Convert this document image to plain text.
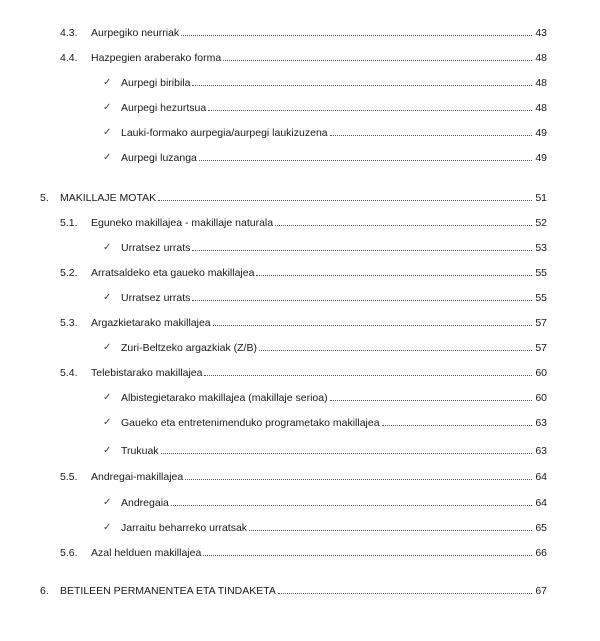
4.3. Aurpegiko neurriak	43
4.4. Hazpegien araberako forma	48
✓ Aurpegi biribila	48
✓ Aurpegi hezurtsua	48
✓ Lauki-formako aurpegia/aurpegi laukizuzena	49
✓ Aurpegi luzanga	49
5. MAKILLAJE MOTAK	51
5.1. Eguneko makillajea - makillaje naturala	52
✓ Urratsez urrats	53
5.2. Arratsaldeko eta gaueko makillajea	55
✓ Urratsez urrats	55
5.3. Argazkietarako makillajea	57
✓ Zuri-Beltzeko argazkiak (Z/B)	57
5.4. Telebistarako makillajea	60
✓ Albistegietarako makillajea (makillaje serioa)	60
✓ Gaueko eta entretenimenduko programetako makillajea	63
✓ Trukuak	63
5.5. Andregai-makillajea	64
✓ Andregaia	64
✓ Jarraitu beharreko urratsak	65
5.6. Azal helduen makillajea	66
6. BETILEEN PERMANENTEA ETA TINDAKETA	67
